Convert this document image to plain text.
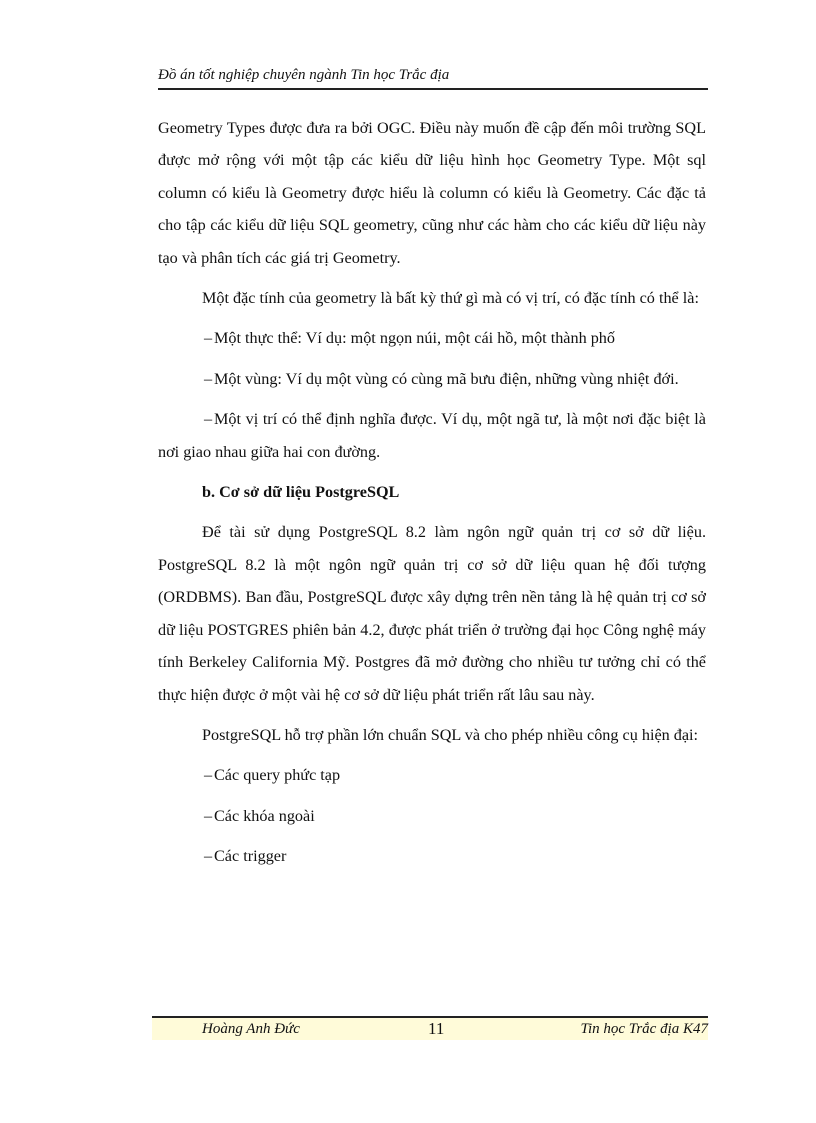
Đồ án tốt nghiệp chuyên ngành Tin học Trắc địa

Geometry Types được đưa ra bởi OGC. Điều này muốn đề cập đến môi trường SQL được mở rộng với một tập các kiểu dữ liệu hình học Geometry Type. Một sql column có kiểu là Geometry được hiểu là column có kiểu là Geometry. Các đặc tả cho tập các kiểu dữ liệu SQL geometry, cũng như các hàm cho các kiểu dữ liệu này tạo và phân tích các giá trị Geometry.

Một đặc tính của geometry là bất kỳ thứ gì mà có vị trí, có đặc tính có thể là:

– Một thực thể: Ví dụ: một ngọn núi, một cái hồ, một thành phố
– Một vùng: Ví dụ một vùng có cùng mã bưu điện, những vùng nhiệt đới.
– Một vị trí có thể định nghĩa được. Ví dụ, một ngã tư, là một nơi đặc biệt là nơi giao nhau giữa hai con đường.

b. Cơ sở dữ liệu PostgreSQL

Để tài sử dụng PostgreSQL 8.2 làm ngôn ngữ quản trị cơ sở dữ liệu. PostgreSQL 8.2 là một ngôn ngữ quản trị cơ sở dữ liệu quan hệ đối tượng (ORDBMS). Ban đầu, PostgreSQL được xây dựng trên nền tảng là hệ quản trị cơ sở dữ liệu POSTGRES phiên bản 4.2, được phát triển ở trường đại học Công nghệ máy tính Berkeley California Mỹ. Postgres đã mở đường cho nhiều tư tưởng chỉ có thể thực hiện được ở một vài hệ cơ sở dữ liệu phát triển rất lâu sau này.

PostgreSQL hỗ trợ phần lớn chuẩn SQL và cho phép nhiều công cụ hiện đại:

– Các query phức tạp
– Các khóa ngoài
– Các trigger
Hoàng Anh Đức	11	Tin học Trắc địa K47
